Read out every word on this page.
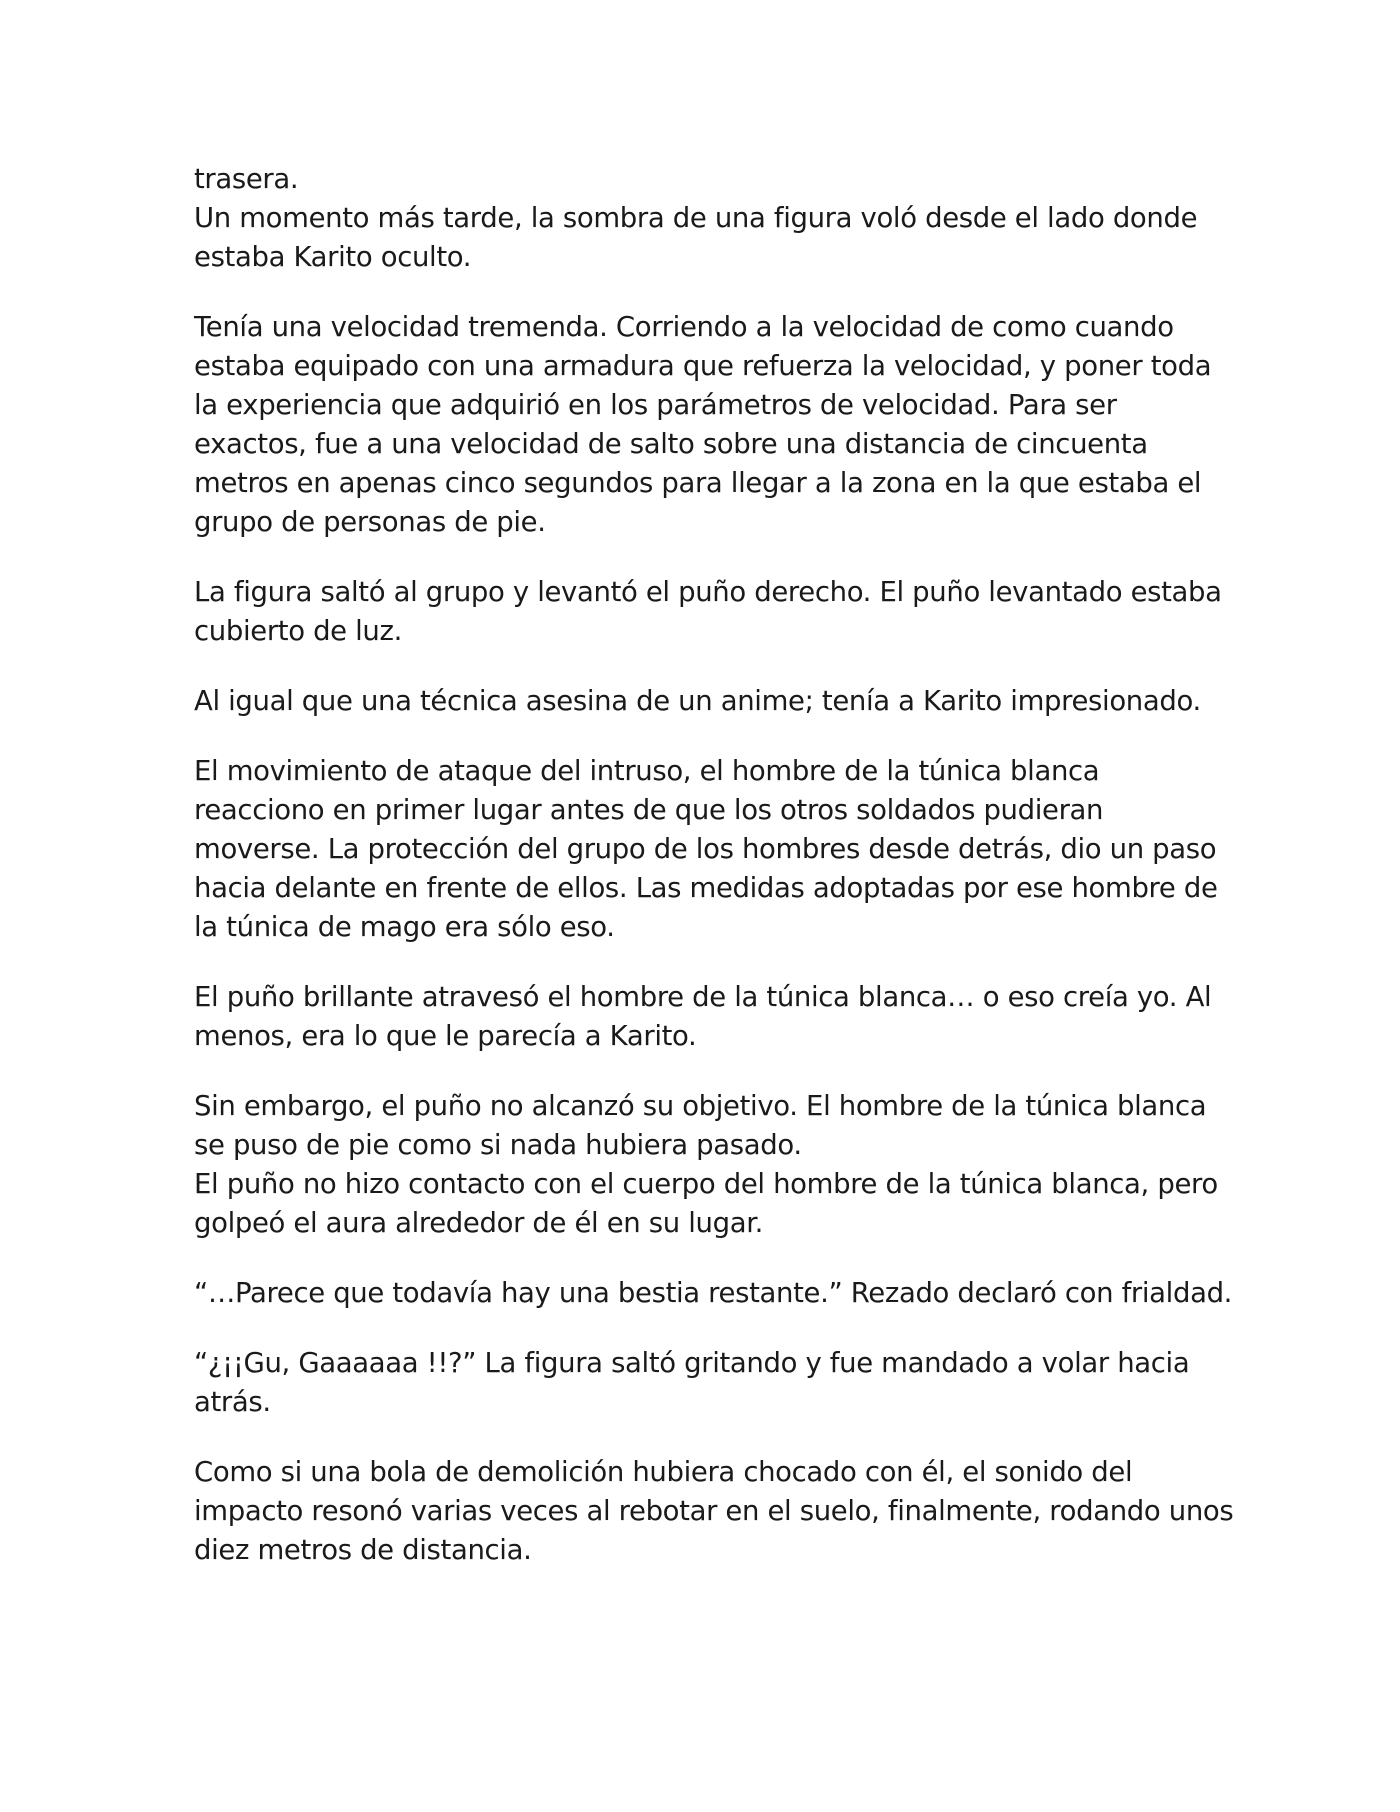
trasera.

Un momento más tarde, la sombra de una figura voló desde el lado donde estaba Karito oculto.

Tenía una velocidad tremenda. Corriendo a la velocidad de como cuando estaba equipado con una armadura que refuerza la velocidad, y poner toda la experiencia que adquirió en los parámetros de velocidad. Para ser exactos, fue a una velocidad de salto sobre una distancia de cincuenta metros en apenas cinco segundos para llegar a la zona en la que estaba el grupo de personas de pie.

La figura saltó al grupo y levantó el puño derecho. El puño levantado estaba cubierto de luz.

Al igual que una técnica asesina de un anime; tenía a Karito impresionado.

El movimiento de ataque del intruso, el hombre de la túnica blanca reacciono en primer lugar antes de que los otros soldados pudieran moverse. La protección del grupo de los hombres desde detrás, dio un paso hacia delante en frente de ellos. Las medidas adoptadas por ese hombre de la túnica de mago era sólo eso.

El puño brillante atravesó el hombre de la túnica blanca… o eso creía yo. Al menos, era lo que le parecía a Karito.

Sin embargo, el puño no alcanzó su objetivo. El hombre de la túnica blanca se puso de pie como si nada hubiera pasado.

El puño no hizo contacto con el cuerpo del hombre de la túnica blanca, pero golpeó el aura alrededor de él en su lugar.

“…Parece que todavía hay una bestia restante.” Rezado declaró con frialdad.

“¿¡¡Gu, Gaaaaaa !!?” La figura saltó gritando y fue mandado a volar hacia atrás.

Como si una bola de demolición hubiera chocado con él, el sonido del impacto resonó varias veces al rebotar en el suelo, finalmente, rodando unos diez metros de distancia.
